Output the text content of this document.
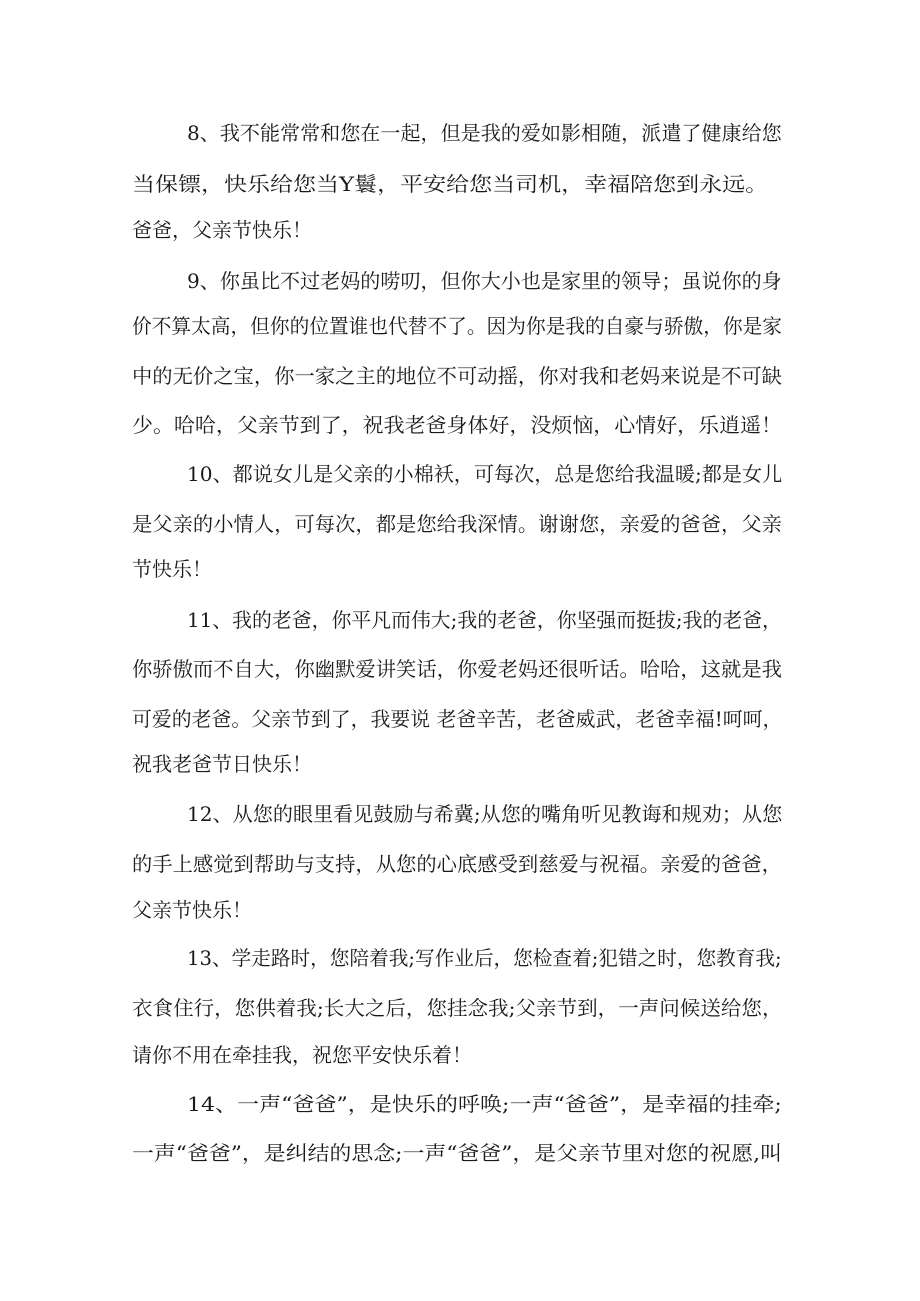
8、我不能常常和您在一起，但是我的爱如影相随，派遣了健康给您
当保镖，快乐给您当Y鬟，平安给您当司机，幸福陪您到永远。
爸爸，父亲节快乐！
9、你虽比不过老妈的唠叨，但你大小也是家里的领导；虽说你的身
价不算太高，但你的位置谁也代替不了。因为你是我的自豪与骄傲，你是家
中的无价之宝，你一家之主的地位不可动摇，你对我和老妈来说是不可缺
少。哈哈，父亲节到了，祝我老爸身体好，没烦恼，心情好，乐逍遥！
10、都说女儿是父亲的小棉袄，可每次，总是您给我温暖;都是女儿
是父亲的小情人，可每次，都是您给我深情。谢谢您，亲爱的爸爸，父亲
节快乐！
11、我的老爸，你平凡而伟大;我的老爸，你坚强而挺拔;我的老爸，
你骄傲而不自大，你幽默爱讲笑话，你爱老妈还很听话。哈哈，这就是我
可爱的老爸。父亲节到了，我要说 老爸辛苦，老爸威武，老爸幸福!呵呵，
祝我老爸节日快乐！
12、从您的眼里看见鼓励与希冀;从您的嘴角听见教诲和规劝；从您
的手上感觉到帮助与支持，从您的心底感受到慈爱与祝福。亲爱的爸爸，
父亲节快乐！
13、学走路时，您陪着我;写作业后，您检查着;犯错之时，您教育我;
衣食住行，您供着我;长大之后，您挂念我;父亲节到，一声问候送给您，
请你不用在牵挂我，祝您平安快乐着！
14、一声“爸爸”，是快乐的呼唤;一声“爸爸”，是幸福的挂牵;
一声“爸爸”，是纠结的思念;一声“爸爸”，是父亲节里对您的祝愿,叫
